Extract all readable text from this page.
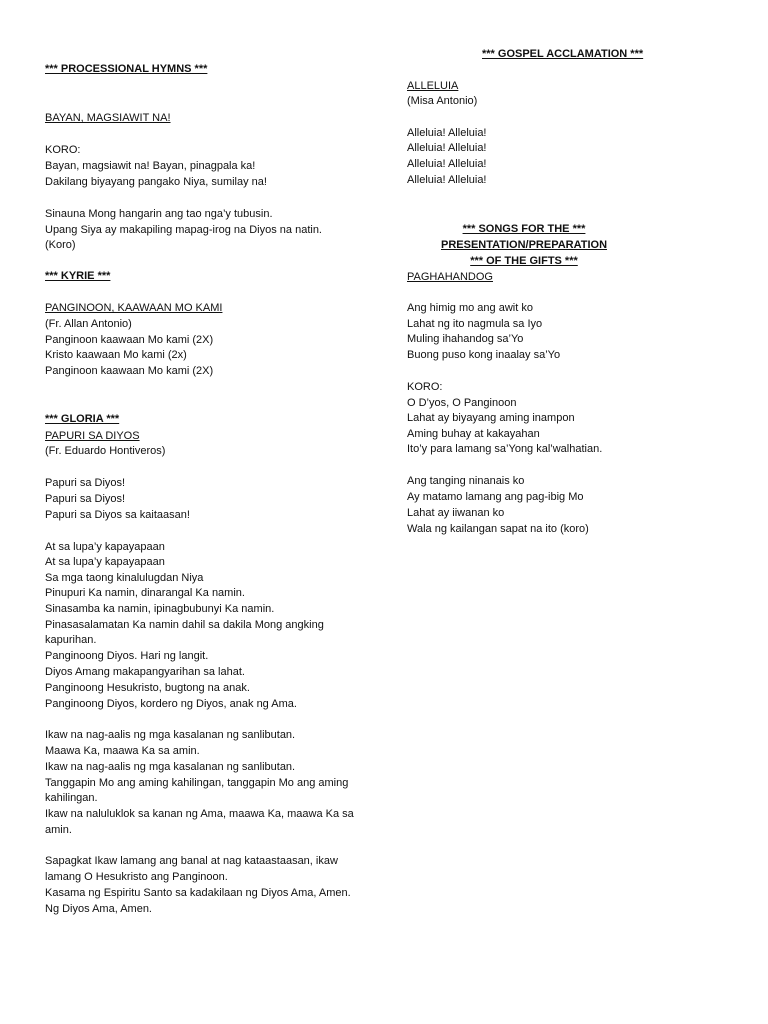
*** PROCESSIONAL HYMNS ***
BAYAN, MAGSIAWIT NA!
KORO:
Bayan, magsiawit na! Bayan, pinagpala ka!
Dakilang biyayang pangako Niya, sumilay na!
Sinauna Mong hangarin ang tao nga’y tubusin.
Upang Siya ay makapiling mapag-irog na Diyos na natin.
(Koro)
*** KYRIE ***
PANGINOON, KAAWAAN MO KAMI
(Fr. Allan Antonio)
Panginoon kaawaan Mo kami (2X)
Kristo kaawaan Mo kami (2x)
Panginoon kaawaan Mo kami (2X)
*** GLORIA ***
PAPURI SA DIYOS
(Fr. Eduardo Hontiveros)
Papuri sa Diyos!
Papuri sa Diyos!
Papuri sa Diyos sa kaitaasan!
At sa lupa’y kapayapaan
At sa lupa’y kapayapaan
Sa mga taong kinalulugdan Niya
Pinupuri Ka namin, dinarangal Ka namin.
Sinasamba ka namin, ipinagbubunyi Ka namin.
Pinasasalamatan Ka namin dahil sa dakila Mong angking
kapurihan.
Panginoong Diyos. Hari ng langit.
Diyos Amang makapangyarihan sa lahat.
Panginoong Hesukristo, bugtong na anak.
Panginoong Diyos, kordero ng Diyos, anak ng Ama.
Ikaw na nag-aalis ng mga kasalanan ng sanlibutan.
Maawa Ka, maawa Ka sa amin.
Ikaw na nag-aalis ng mga kasalanan ng sanlibutan.
Tanggapin Mo ang aming kahilingan, tanggapin Mo ang aming
kahilingan.
Ikaw na naluluklok sa kanan ng Ama, maawa Ka, maawa Ka sa
amin.
Sapagkat Ikaw lamang ang banal at nag kataastaasan, ikaw
lamang O Hesukristo ang Panginoon.
Kasama ng Espiritu Santo sa kadakilaan ng Diyos Ama, Amen.
Ng Diyos Ama, Amen.
*** GOSPEL ACCLAMATION ***
ALLELUIA
(Misa Antonio)
Alleluia! Alleluia!
Alleluia! Alleluia!
Alleluia! Alleluia!
Alleluia! Alleluia!
*** SONGS FOR THE ***
PRESENTATION/PREPARATION
*** OF THE GIFTS ***
PAGHAHANDOG
Ang himig mo ang awit ko
Lahat ng ito nagmula sa Iyo
Muling ihahandog sa’Yo
Buong puso kong inaalay sa’Yo
KORO:
O D’yos, O Panginoon
Lahat ay biyayang aming inampon
Aming buhay at kakayahan
Ito’y para lamang sa’Yong kal’walhatian.
Ang tanging ninanais ko
Ay matamo lamang ang pag-ibig Mo
Lahat ay iiwanan ko
Wala ng kailangan sapat na ito (koro)
